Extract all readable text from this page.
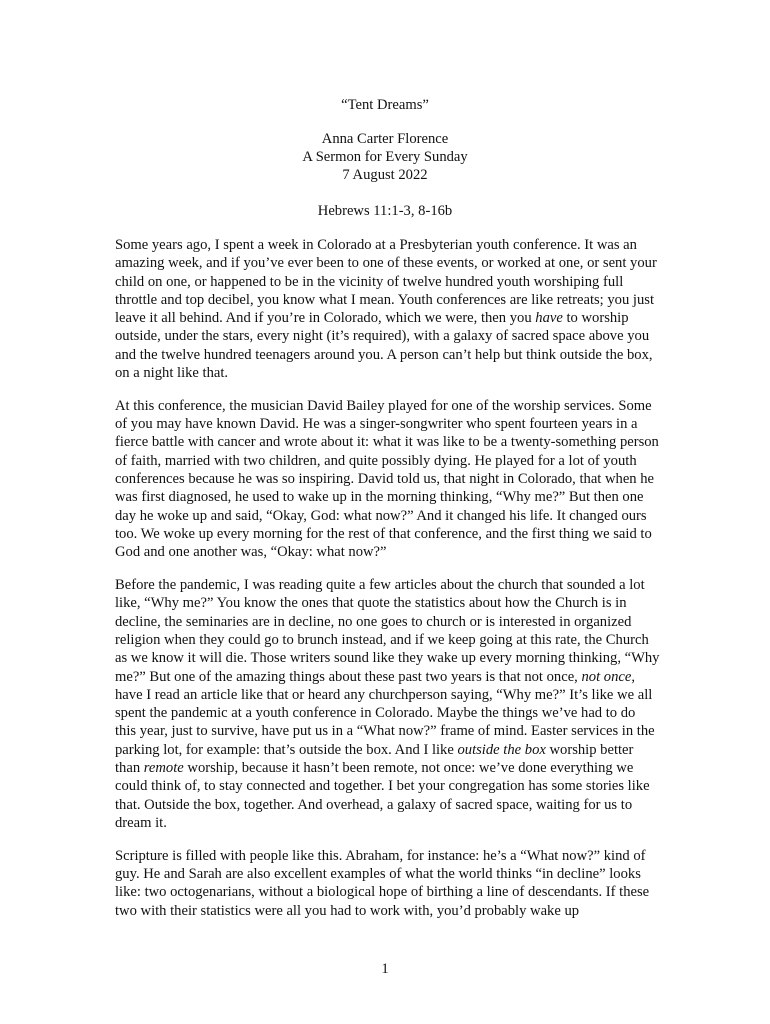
“Tent Dreams”
Anna Carter Florence
A Sermon for Every Sunday
7 August 2022
Hebrews 11:1-3, 8-16b

Some years ago, I spent a week in Colorado at a Presbyterian youth conference. It was an amazing week, and if you’ve ever been to one of these events, or worked at one, or sent your child on one, or happened to be in the vicinity of twelve hundred youth worshiping full throttle and top decibel, you know what I mean. Youth conferences are like retreats; you just leave it all behind. And if you’re in Colorado, which we were, then you have to worship outside, under the stars, every night (it’s required), with a galaxy of sacred space above you and the twelve hundred teenagers around you. A person can’t help but think outside the box, on a night like that.

At this conference, the musician David Bailey played for one of the worship services. Some of you may have known David. He was a singer-songwriter who spent fourteen years in a fierce battle with cancer and wrote about it: what it was like to be a twenty-something person of faith, married with two children, and quite possibly dying. He played for a lot of youth conferences because he was so inspiring. David told us, that night in Colorado, that when he was first diagnosed, he used to wake up in the morning thinking, “Why me?” But then one day he woke up and said, “Okay, God: what now?” And it changed his life. It changed ours too. We woke up every morning for the rest of that conference, and the first thing we said to God and one another was, “Okay: what now?”

Before the pandemic, I was reading quite a few articles about the church that sounded a lot like, “Why me?” You know the ones that quote the statistics about how the Church is in decline, the seminaries are in decline, no one goes to church or is interested in organized religion when they could go to brunch instead, and if we keep going at this rate, the Church as we know it will die. Those writers sound like they wake up every morning thinking, “Why me?” But one of the amazing things about these past two years is that not once, not once, have I read an article like that or heard any churchperson saying, “Why me?” It’s like we all spent the pandemic at a youth conference in Colorado. Maybe the things we’ve had to do this year, just to survive, have put us in a “What now?” frame of mind. Easter services in the parking lot, for example: that’s outside the box. And I like outside the box worship better than remote worship, because it hasn’t been remote, not once: we’ve done everything we could think of, to stay connected and together. I bet your congregation has some stories like that. Outside the box, together. And overhead, a galaxy of sacred space, waiting for us to dream it.

Scripture is filled with people like this. Abraham, for instance: he’s a “What now?” kind of guy. He and Sarah are also excellent examples of what the world thinks “in decline” looks like: two octogenarians, without a biological hope of birthing a line of descendants. If these two with their statistics were all you had to work with, you’d probably wake up

1
